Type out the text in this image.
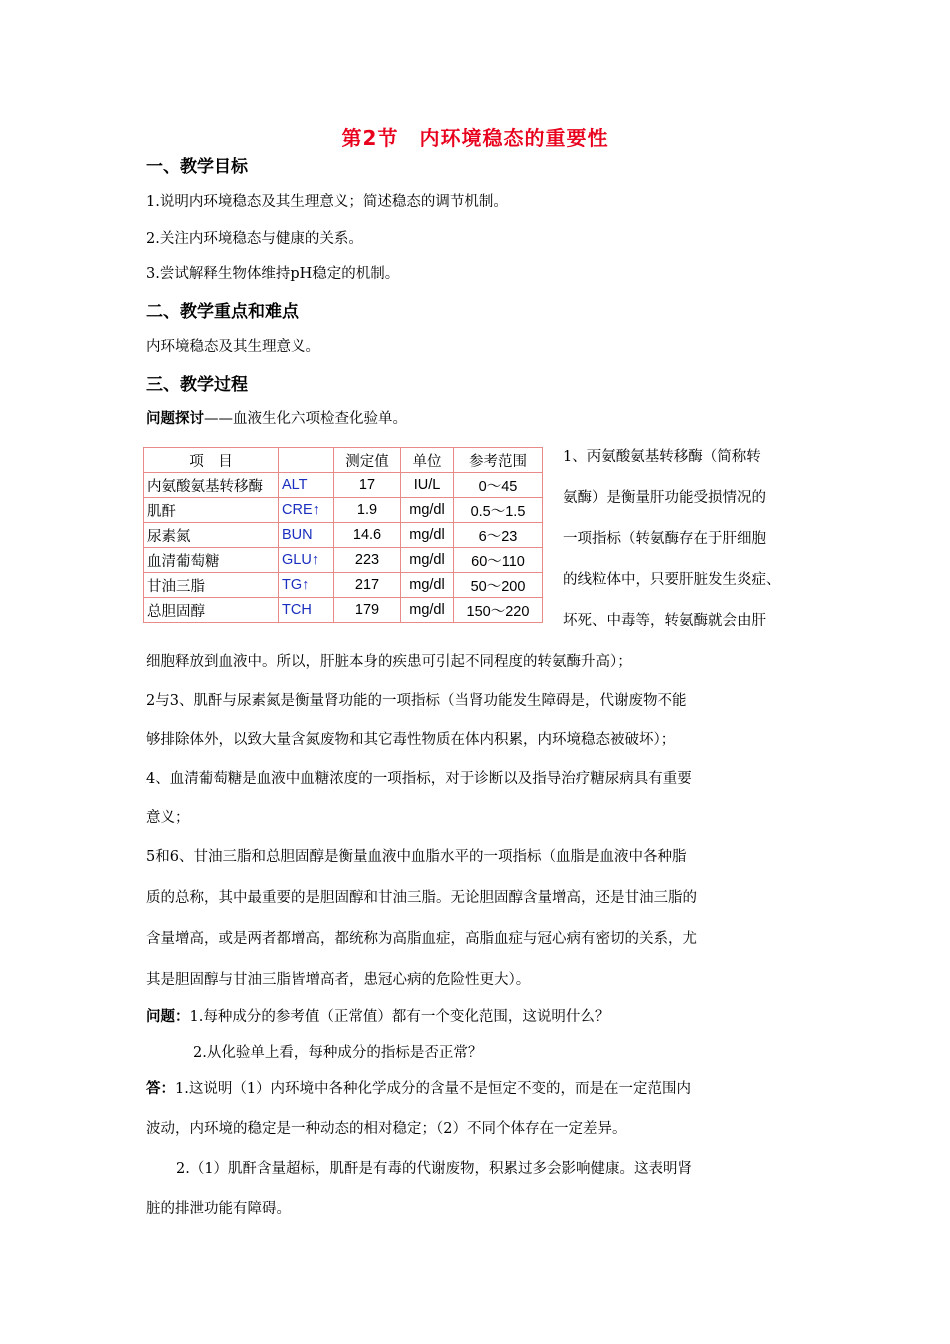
第2节　内环境稳态的重要性
一、教学目标
1.说明内环境稳态及其生理意义；简述稳态的调节机制。
2.关注内环境稳态与健康的关系。
3.尝试解释生物体维持pH稳定的机制。
二、教学重点和难点
内环境稳态及其生理意义。
三、教学过程
问题探讨——血液生化六项检查化验单。
项　目		测定值	单位	参考范围
内氨酸氨基转移酶	ALT	17	IU/L	0～45
肌酐	CRE↑	1.9	mg/dl	0.5～1.5
尿素氮	BUN	14.6	mg/dl	6～23
血清葡萄糖	GLU↑	223	mg/dl	60～110
甘油三脂	TG↑	217	mg/dl	50～200
总胆固醇	TCH	179	mg/dl	150～220
1、丙氨酸氨基转移酶（简称转
氨酶）是衡量肝功能受损情况的
一项指标（转氨酶存在于肝细胞
的线粒体中，只要肝脏发生炎症、
坏死、中毒等，转氨酶就会由肝
细胞释放到血液中。所以，肝脏本身的疾患可引起不同程度的转氨酶升高）；
2与3、肌酐与尿素氮是衡量肾功能的一项指标（当肾功能发生障碍是，代谢废物不能
够排除体外，以致大量含氮废物和其它毒性物质在体内积累，内环境稳态被破坏）；
4、血清葡萄糖是血液中血糖浓度的一项指标，对于诊断以及指导治疗糖尿病具有重要
意义；
5和6、甘油三脂和总胆固醇是衡量血液中血脂水平的一项指标（血脂是血液中各种脂
质的总称，其中最重要的是胆固醇和甘油三脂。无论胆固醇含量增高，还是甘油三脂的
含量增高，或是两者都增高，都统称为高脂血症，高脂血症与冠心病有密切的关系，尤
其是胆固醇与甘油三脂皆增高者，患冠心病的危险性更大）。
问题：1.每种成分的参考值（正常值）都有一个变化范围，这说明什么？
2.从化验单上看，每种成分的指标是否正常？
答：1.这说明（1）内环境中各种化学成分的含量不是恒定不变的，而是在一定范围内
波动，内环境的稳定是一种动态的相对稳定；（2）不同个体存在一定差异。
2.（1）肌酐含量超标，肌酐是有毒的代谢废物，积累过多会影响健康。这表明肾
脏的排泄功能有障碍。
